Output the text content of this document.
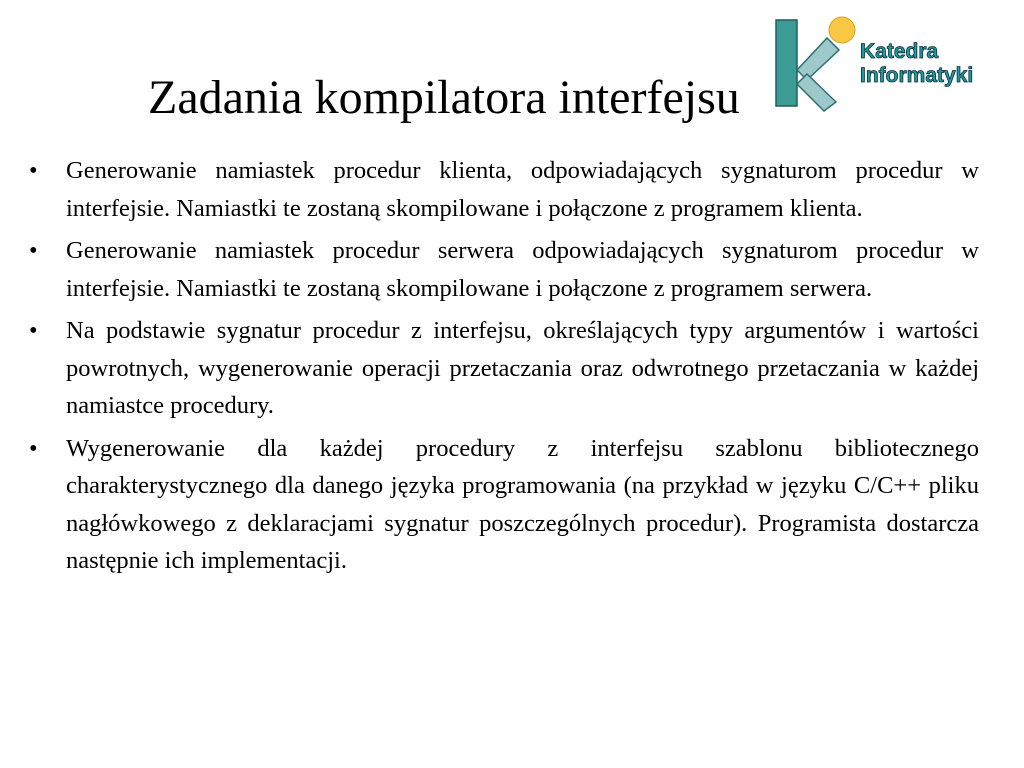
Zadania kompilatora interfejsu
Katedra
Informatyki
• Generowanie namiastek procedur klienta, odpowiadających sygnaturom procedur w interfejsie. Namiastki te zostaną skompilowane i połączone z programem klienta.
• Generowanie namiastek procedur serwera odpowiadających sygnaturom procedur w interfejsie. Namiastki te zostaną skompilowane i połączone z programem serwera.
• Na podstawie sygnatur procedur z interfejsu, określających typy argumentów i wartości powrotnych, wygenerowanie operacji przetaczania oraz odwrotnego przetaczania w każdej namiastce procedury.
• Wygenerowanie dla każdej procedury z interfejsu szablonu bibliotecznego charakterystycznego dla danego języka programowania (na przykład w języku C/C++ pliku nagłówkowego z deklaracjami sygnatur poszczególnych procedur). Programista dostarcza następnie ich implementacji.
